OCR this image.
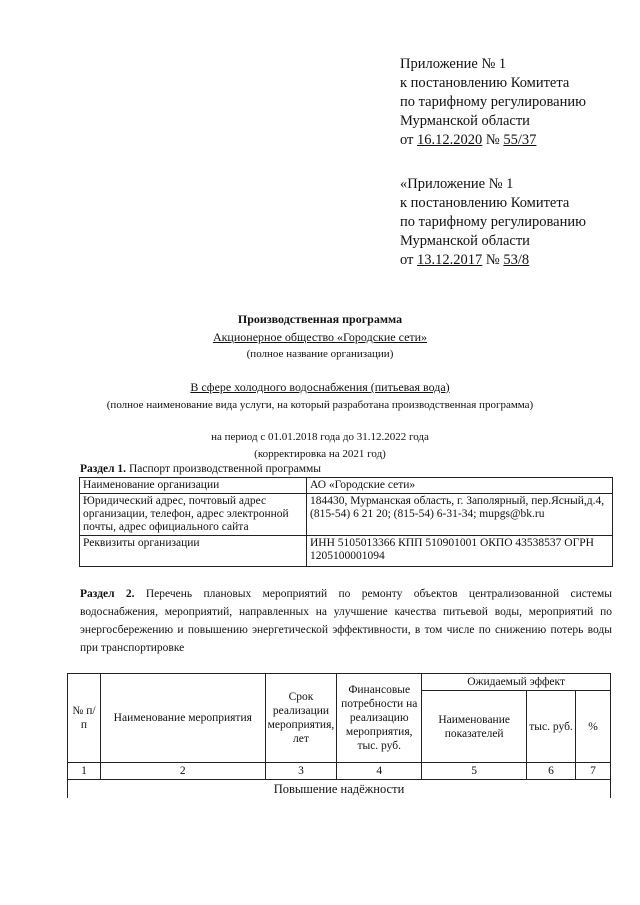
Приложение № 1
к постановлению Комитета
по тарифному регулированию
Мурманской области
от 16.12.2020 № 55/37
«Приложение № 1
к постановлению Комитета
по тарифному регулированию
Мурманской области
от 13.12.2017 № 53/8
Производственная программа
Акционерное общество «Городские сети»
(полное название организации)
В сфере холодного водоснабжения (питьевая вода)
(полное наименование вида услуги, на который разработана производственная программа)
на период с 01.01.2018 года до 31.12.2022 года
(корректировка на 2021 год)
Раздел 1. Паспорт производственной программы
Наименование организации	АО «Городские сети»
Юридический адрес, почтовый адрес организации, телефон, адрес электронной почты, адрес официального сайта	184430, Мурманская область, г. Заполярный, пер.Ясный,д.4, (815-54) 6 21 20; (815-54) 6-31-34; mupgs@bk.ru
Реквизиты организации	ИНН 5105013366 КПП 510901001 ОКПО 43538537 ОГРН 1205100001094
Раздел 2. Перечень плановых мероприятий по ремонту объектов централизованной системы водоснабжения, мероприятий, направленных на улучшение качества питьевой воды, мероприятий по энергосбережению и повышению энергетической эффективности, в том числе по снижению потерь воды при транспортировке
№ п/п	Наименование мероприятия	Срок реализации мероприятия, лет	Финансовые потребности на реализацию мероприятия, тыс. руб.	Ожидаемый эффект		
				Наименование показателей	тыс. руб.	%
1	2	3	4	5	6	7
Повышение надёжности						
